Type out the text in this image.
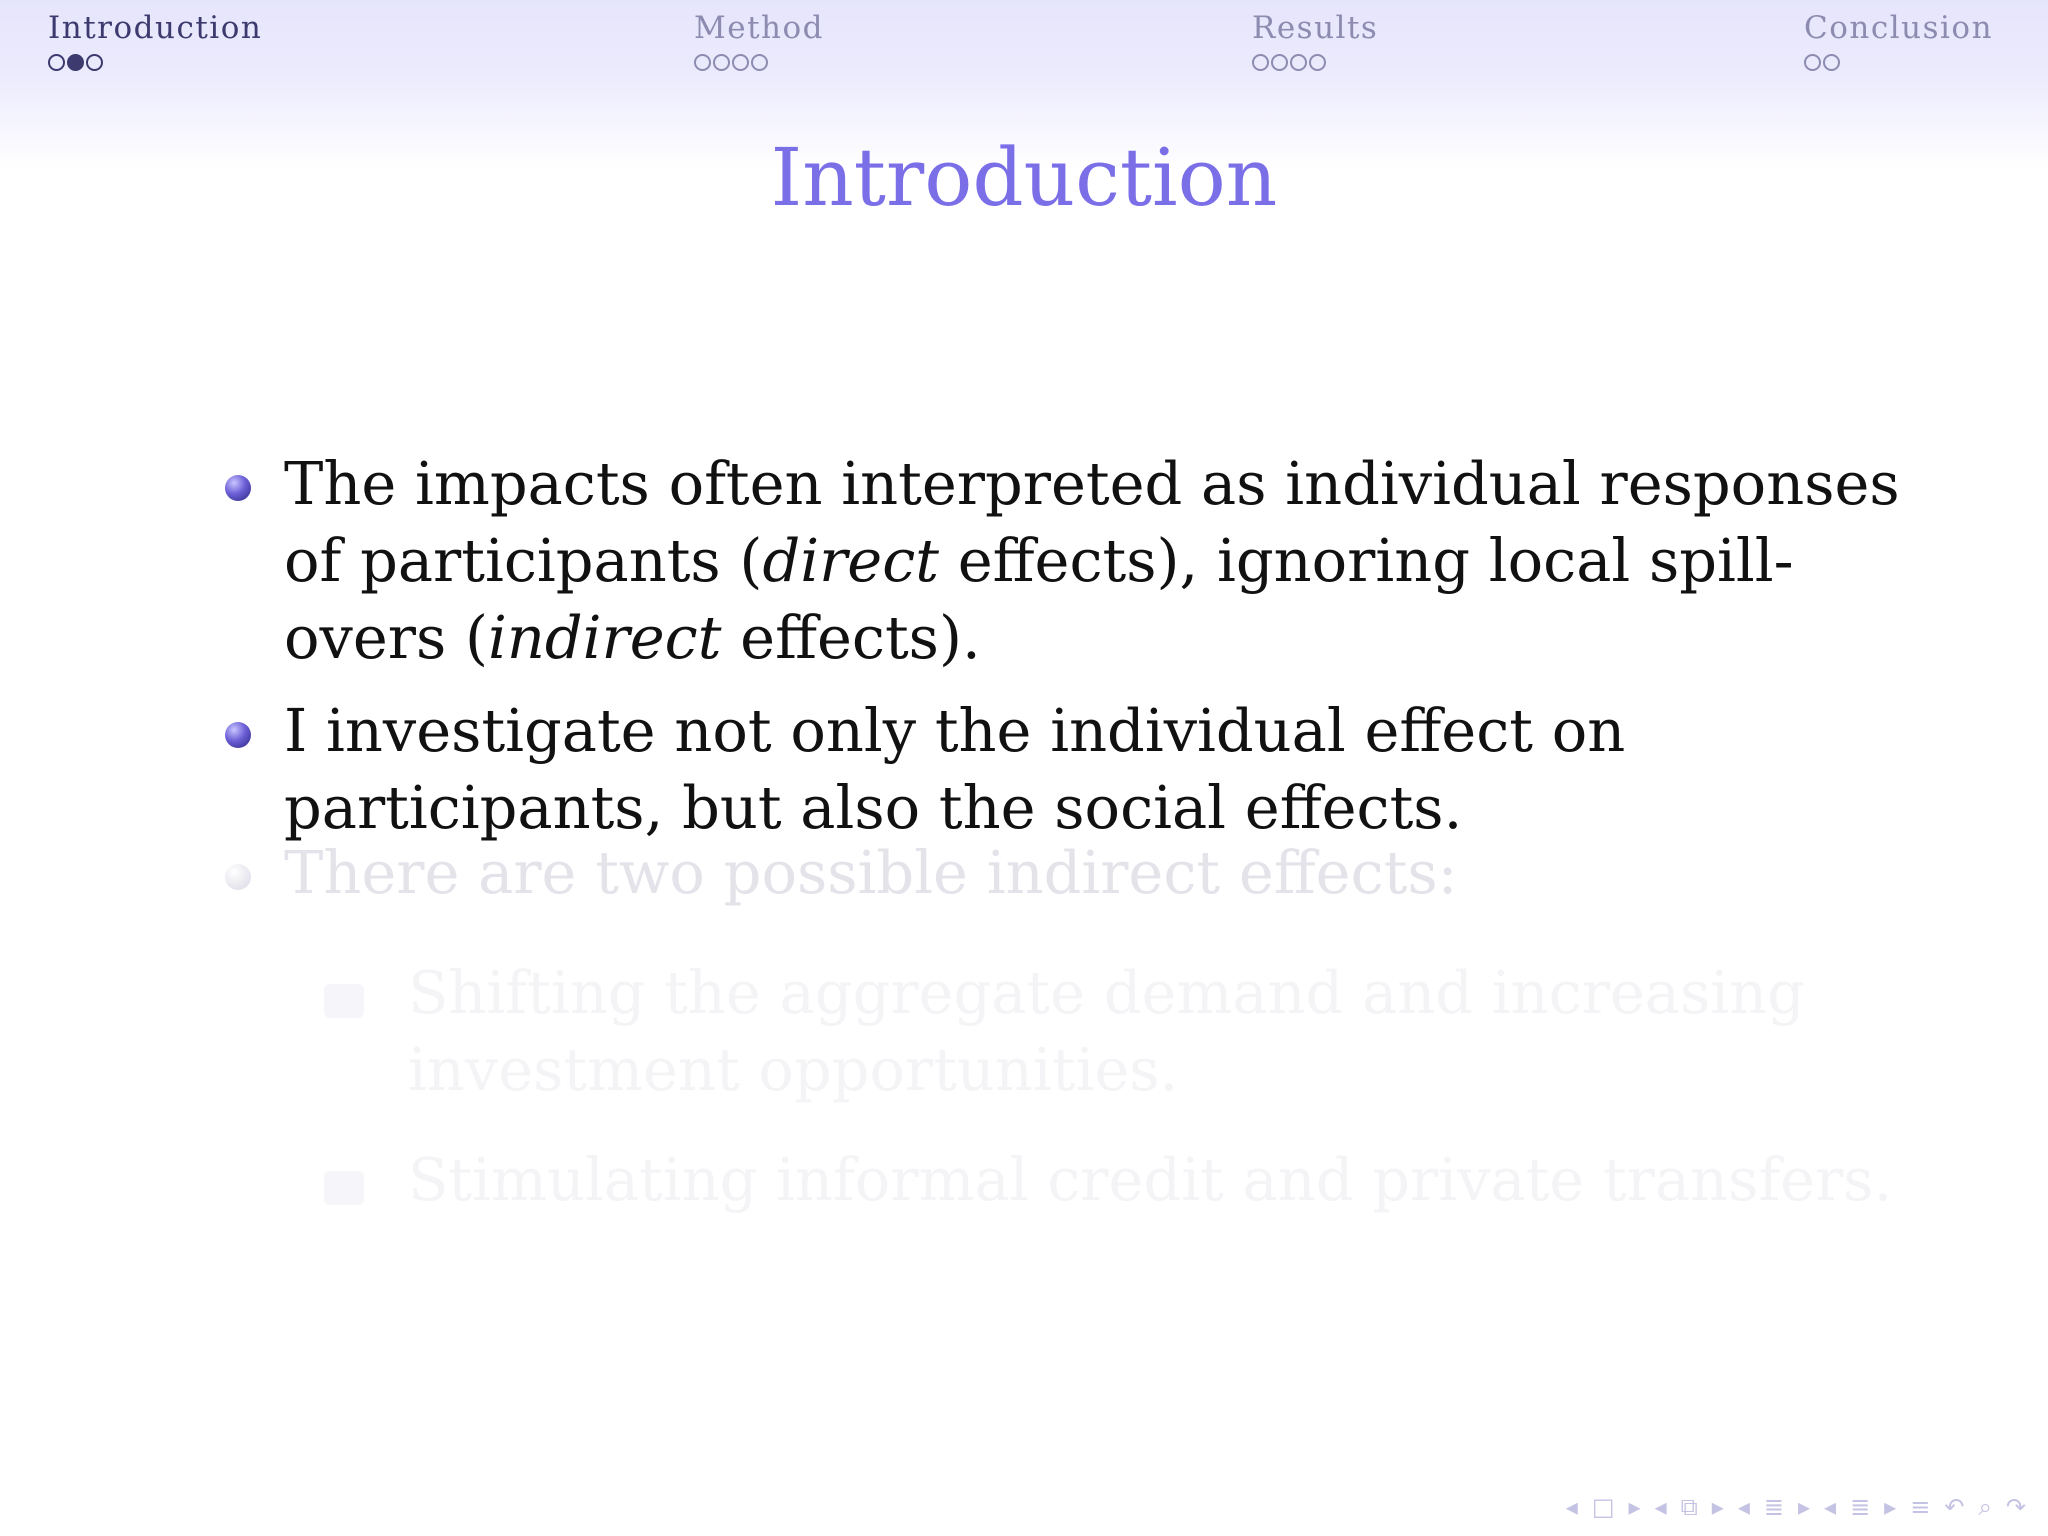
Introduction	Method	Results	Conclusion
Introduction
The impacts often interpreted as individual responses of participants (direct effects), ignoring local spill-overs (indirect effects).
I investigate not only the individual effect on participants, but also the social effects.
There are two possible indirect effects:
Shifting the aggregate demand and increasing investment opportunities.
Stimulating informal credit and private transfers.
◂ □ ▸ ◂ ⧉ ▸ ◂ ≣ ▸ ◂ ≣ ▸ ≡ ↶ ⌕ ↷
